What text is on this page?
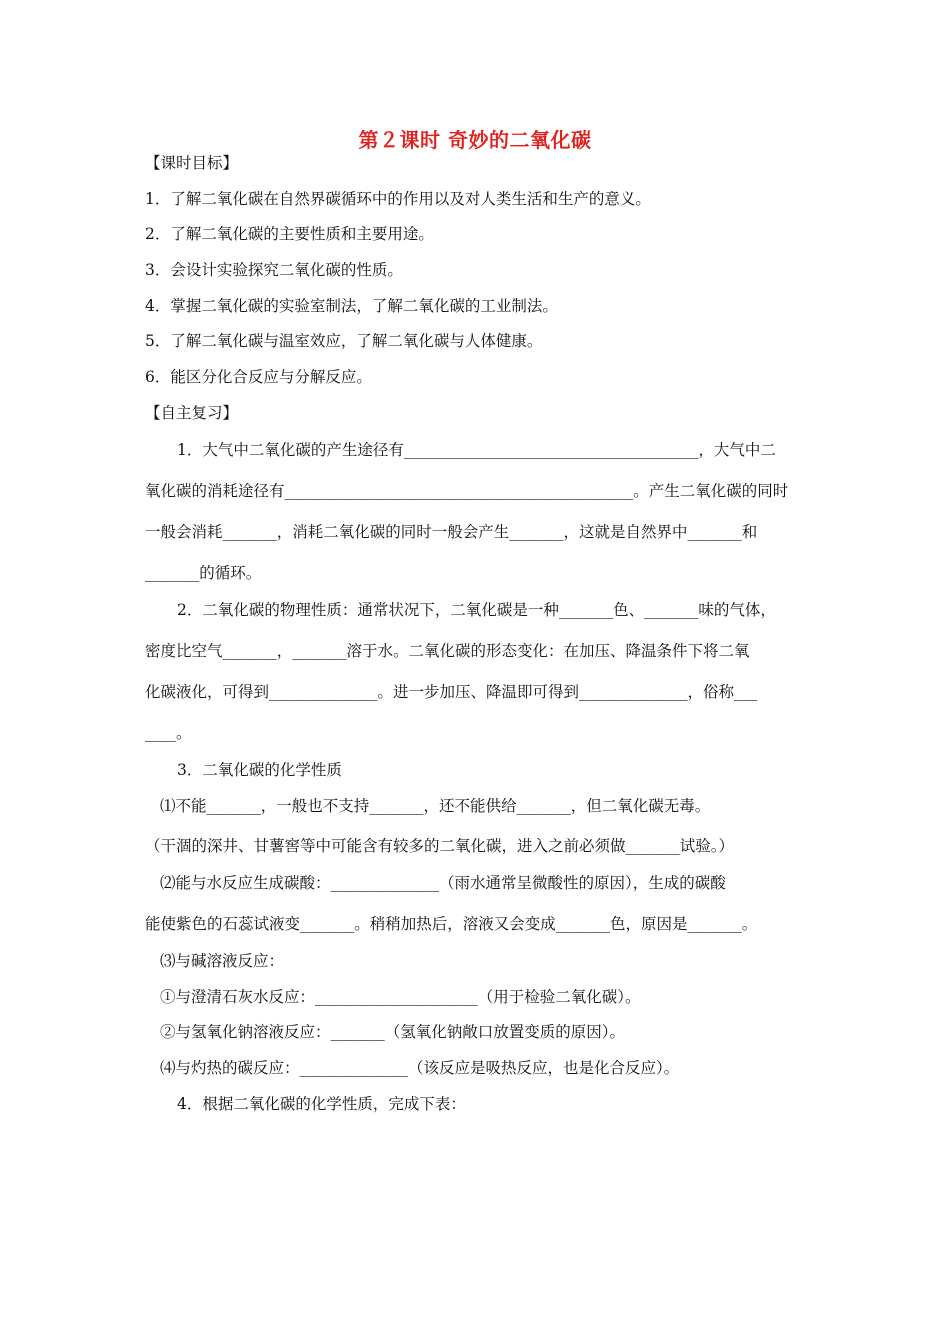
第２课时 奇妙的二氧化碳
【课时目标】
1．了解二氧化碳在自然界碳循环中的作用以及对人类生活和生产的意义。
2．了解二氧化碳的主要性质和主要用途。
3．会设计实验探究二氧化碳的性质。
4．掌握二氧化碳的实验室制法，了解二氧化碳的工业制法。
5．了解二氧化碳与温室效应，了解二氧化碳与人体健康。
6．能区分化合反应与分解反应。
【自主复习】
1．大气中二氧化碳的产生途径有______________________________________，大气中二
氧化碳的消耗途径有_____________________________________________。产生二氧化碳的同时
一般会消耗_______，消耗二氧化碳的同时一般会产生_______，这就是自然界中_______和
_______的循环。
2．二氧化碳的物理性质：通常状况下，二氧化碳是一种_______色、_______味的气体，
密度比空气_______，_______溶于水。二氧化碳的形态变化：在加压、降温条件下将二氧
化碳液化，可得到______________。进一步加压、降温即可得到______________，俗称___
____。
3．二氧化碳的化学性质
⑴不能_______，一般也不支持_______，还不能供给_______，但二氧化碳无毒。
（干涸的深井、甘薯窖等中可能含有较多的二氧化碳，进入之前必须做_______试验。）
⑵能与水反应生成碳酸：______________（雨水通常呈微酸性的原因），生成的碳酸
能使紫色的石蕊试液变_______。稍稍加热后，溶液又会变成_______色，原因是_______。
⑶与碱溶液反应：
①与澄清石灰水反应：_____________________（用于检验二氧化碳）。
②与氢氧化钠溶液反应：_______（氢氧化钠敞口放置变质的原因）。
⑷与灼热的碳反应：______________（该反应是吸热反应，也是化合反应）。
4．根据二氧化碳的化学性质，完成下表：
